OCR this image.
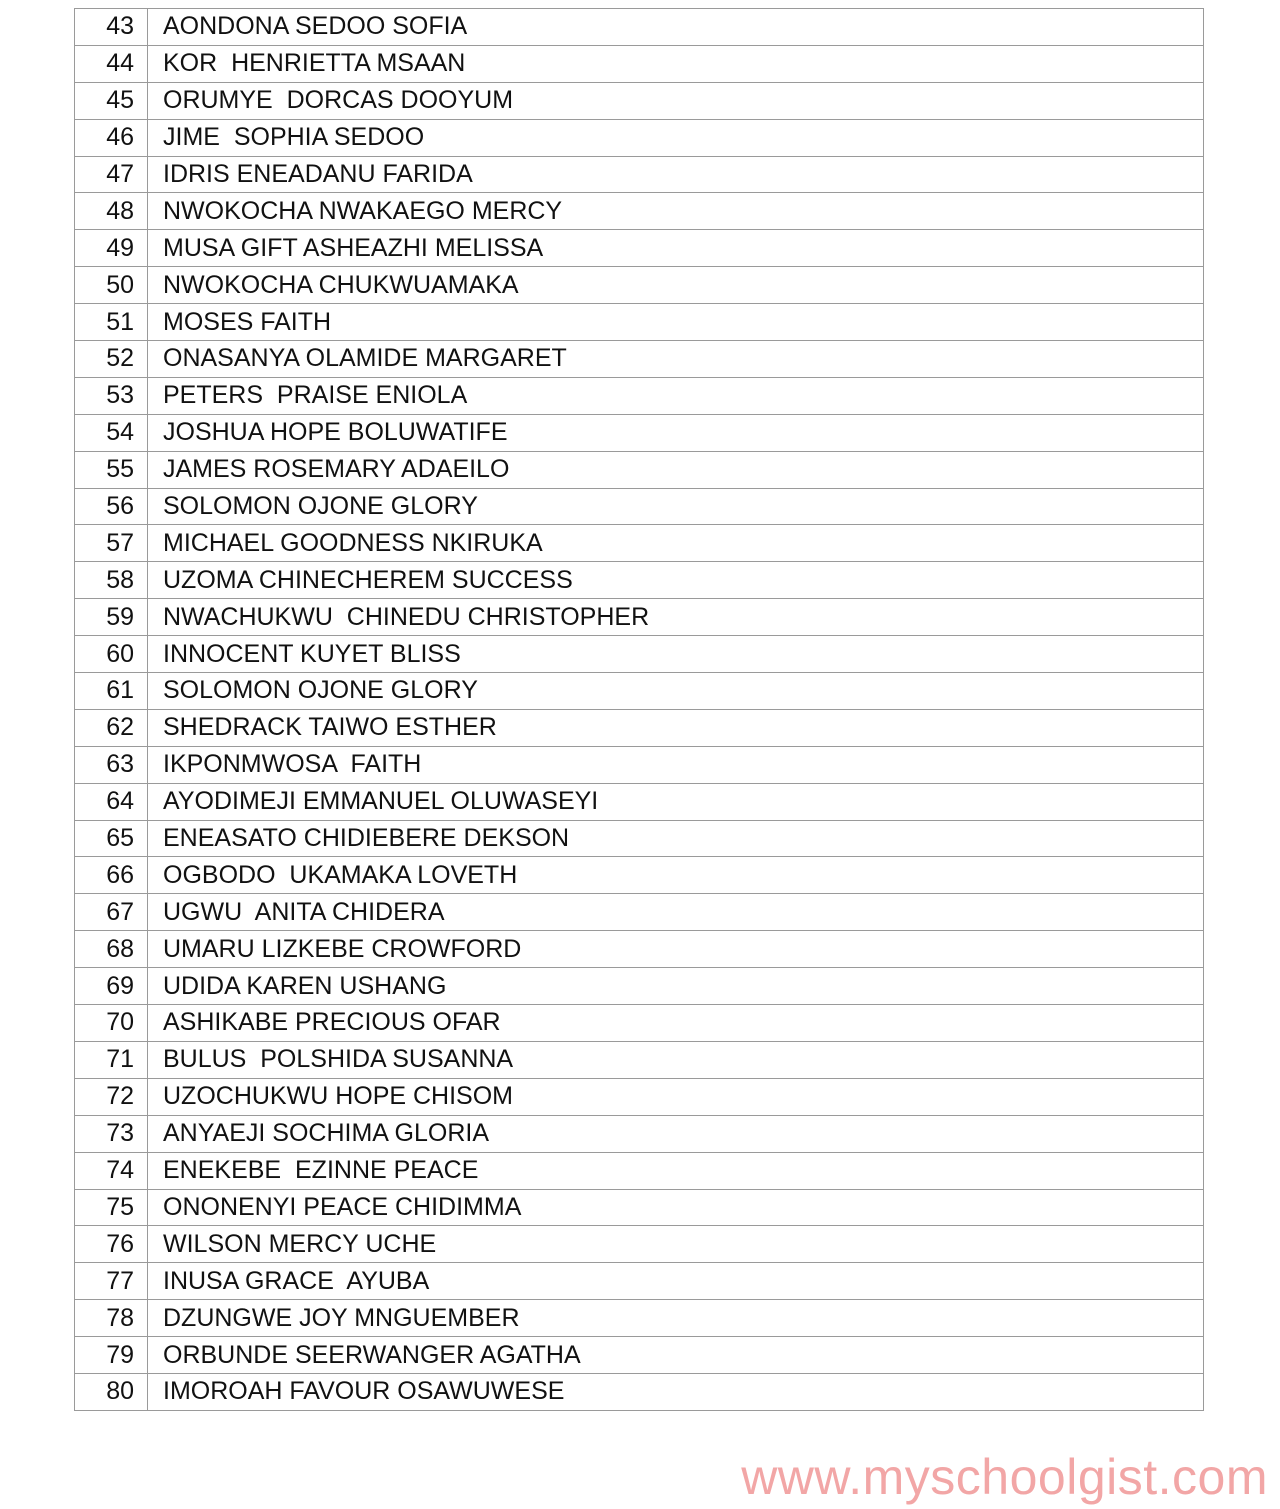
43	AONDONA SEDOO SOFIA
44	KOR  HENRIETTA MSAAN
45	ORUMYE  DORCAS DOOYUM
46	JIME  SOPHIA SEDOO
47	IDRIS ENEADANU FARIDA
48	NWOKOCHA NWAKAEGO MERCY
49	MUSA GIFT ASHEAZHI MELISSA
50	NWOKOCHA CHUKWUAMAKA
51	MOSES FAITH
52	ONASANYA OLAMIDE MARGARET
53	PETERS  PRAISE ENIOLA
54	JOSHUA HOPE BOLUWATIFE
55	JAMES ROSEMARY ADAEILO
56	SOLOMON OJONE GLORY
57	MICHAEL GOODNESS NKIRUKA
58	UZOMA CHINECHEREM SUCCESS
59	NWACHUKWU  CHINEDU CHRISTOPHER
60	INNOCENT KUYET BLISS
61	SOLOMON OJONE GLORY
62	SHEDRACK TAIWO ESTHER
63	IKPONMWOSA  FAITH
64	AYODIMEJI EMMANUEL OLUWASEYI
65	ENEASATO CHIDIEBERE DEKSON
66	OGBODO  UKAMAKA LOVETH
67	UGWU  ANITA CHIDERA
68	UMARU LIZKEBE CROWFORD
69	UDIDA KAREN USHANG
70	ASHIKABE PRECIOUS OFAR
71	BULUS  POLSHIDA SUSANNA
72	UZOCHUKWU HOPE CHISOM
73	ANYAEJI SOCHIMA GLORIA
74	ENEKEBE  EZINNE PEACE
75	ONONENYI PEACE CHIDIMMA
76	WILSON MERCY UCHE
77	INUSA GRACE  AYUBA
78	DZUNGWE JOY MNGUEMBER
79	ORBUNDE SEERWANGER AGATHA
80	IMOROAH FAVOUR OSAWUWESE
www.myschoolgist.com
